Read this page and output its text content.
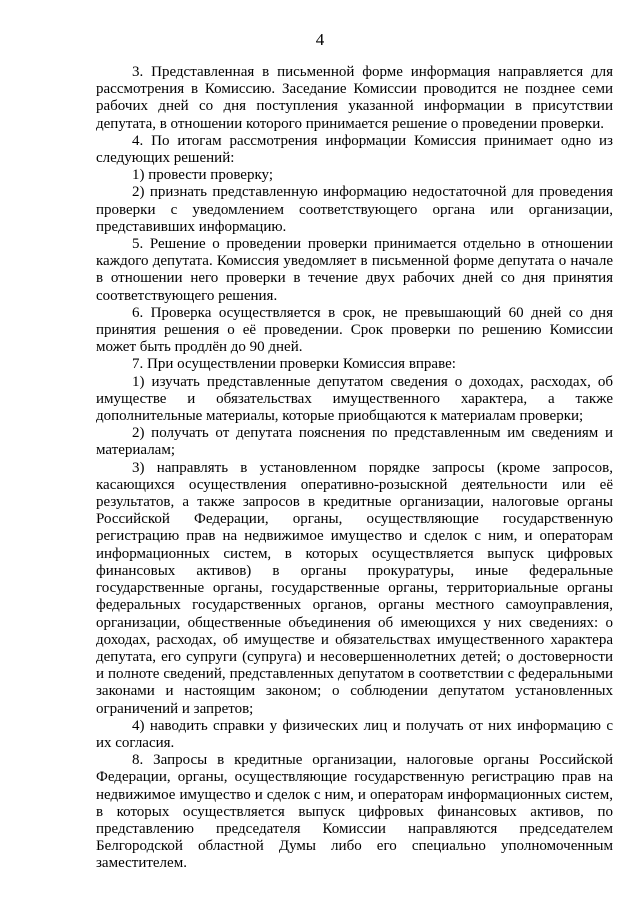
4

3. Представленная в письменной форме информация направляется для рассмотрения в Комиссию. Заседание Комиссии проводится не позднее семи рабочих дней со дня поступления указанной информации в присутствии депутата, в отношении которого принимается решение о проведении проверки.

4. По итогам рассмотрения информации Комиссия принимает одно из следующих решений:

1) провести проверку;

2) признать представленную информацию недостаточной для проведения проверки с уведомлением соответствующего органа или организации, представивших информацию.

5. Решение о проведении проверки принимается отдельно в отношении каждого депутата. Комиссия уведомляет в письменной форме депутата о начале в отношении него проверки в течение двух рабочих дней со дня принятия соответствующего решения.

6. Проверка осуществляется в срок, не превышающий 60 дней со дня принятия решения о её проведении. Срок проверки по решению Комиссии может быть продлён до 90 дней.

7. При осуществлении проверки Комиссия вправе:

1) изучать представленные депутатом сведения о доходах, расходах, об имуществе и обязательствах имущественного характера, а также дополнительные материалы, которые приобщаются к материалам проверки;

2) получать от депутата пояснения по представленным им сведениям и материалам;

3) направлять в установленном порядке запросы (кроме запросов, касающихся осуществления оперативно-розыскной деятельности или её результатов, а также запросов в кредитные организации, налоговые органы Российской Федерации, органы, осуществляющие государственную регистрацию прав на недвижимое имущество и сделок с ним, и операторам информационных систем, в которых осуществляется выпуск цифровых финансовых активов) в органы прокуратуры, иные федеральные государственные органы, государственные органы, территориальные органы федеральных государственных органов, органы местного самоуправления, организации, общественные объединения об имеющихся у них сведениях: о доходах, расходах, об имуществе и обязательствах имущественного характера депутата, его супруги (супруга) и несовершеннолетних детей; о достоверности и полноте сведений, представленных депутатом в соответствии с федеральными законами и настоящим законом; о соблюдении депутатом установленных ограничений и запретов;

4) наводить справки у физических лиц и получать от них информацию с их согласия.

8. Запросы в кредитные организации, налоговые органы Российской Федерации, органы, осуществляющие государственную регистрацию прав на недвижимое имущество и сделок с ним, и операторам информационных систем, в которых осуществляется выпуск цифровых финансовых активов, по представлению председателя Комиссии направляются председателем Белгородской областной Думы либо его специально уполномоченным заместителем.
